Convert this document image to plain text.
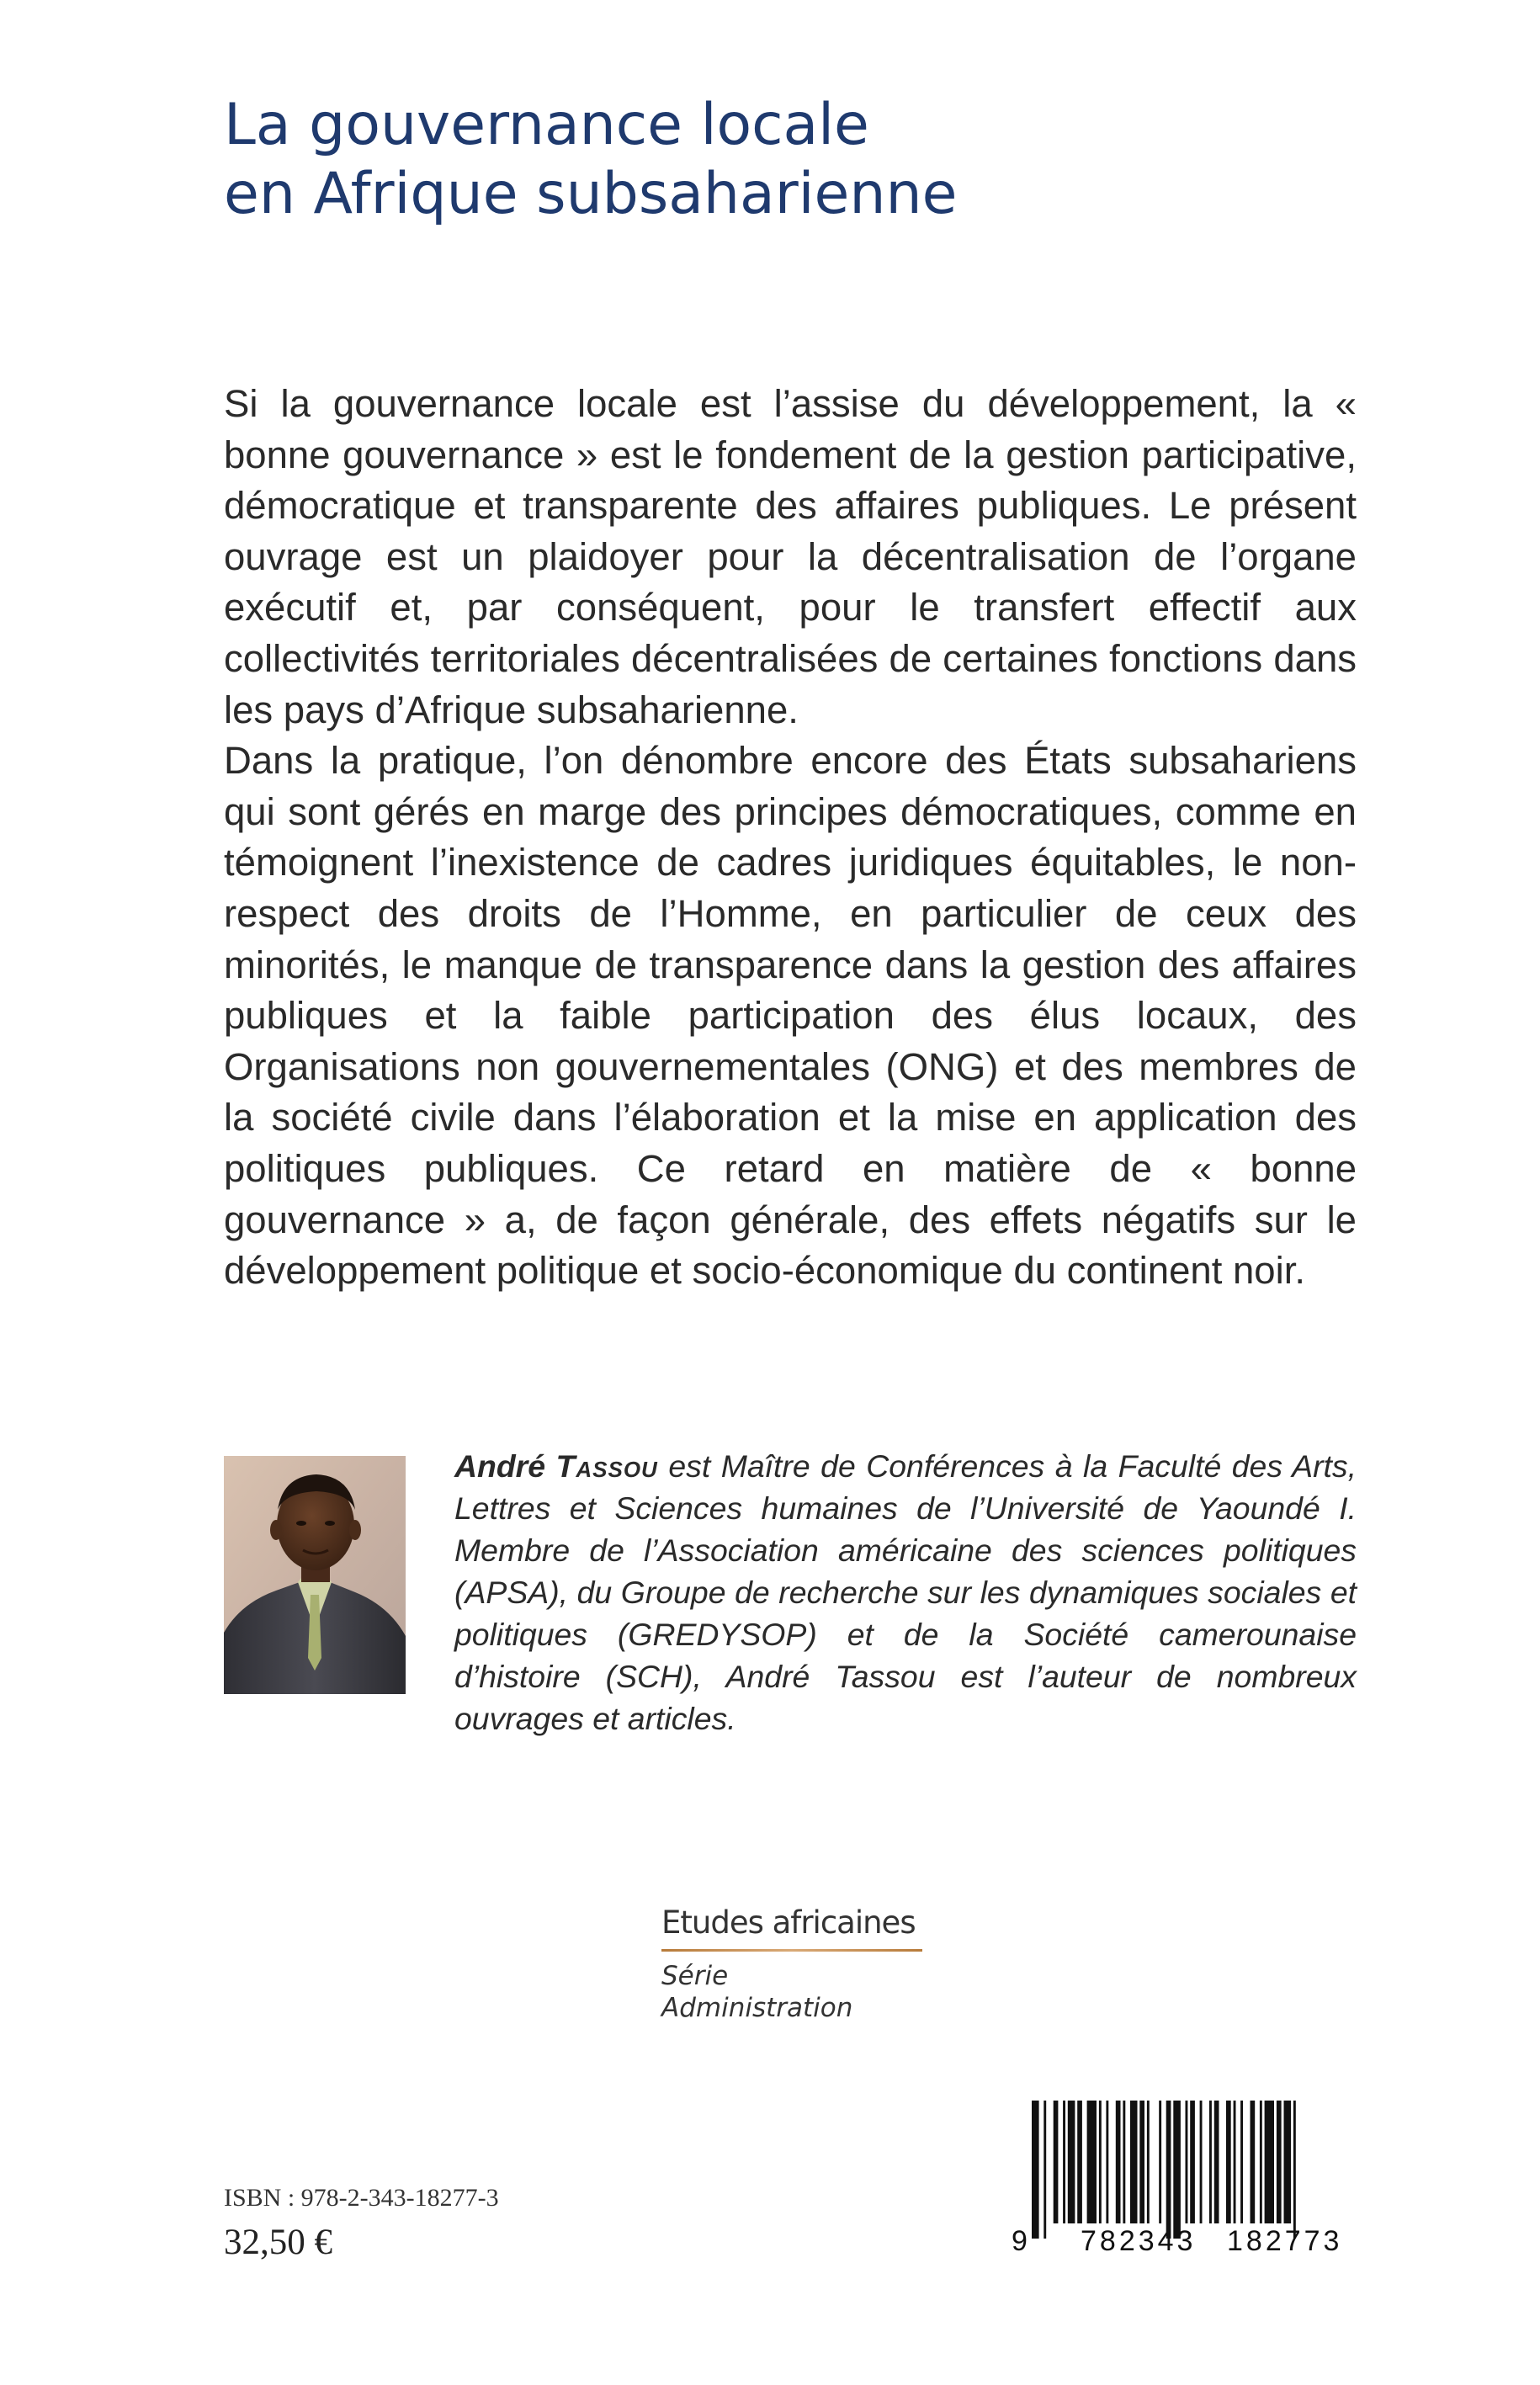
La gouvernance locale
en Afrique subsaharienne

Si la gouvernance locale est l’assise du développement, la « bonne gouvernance » est le fondement de la gestion participative, démocratique et transparente des affaires publiques. Le présent ouvrage est un plaidoyer pour la décentralisation de l’organe exécutif et, par conséquent, pour le transfert effectif aux collectivités territoriales décentralisées de certaines fonctions dans les pays d’Afrique subsaharienne.

Dans la pratique, l’on dénombre encore des États subsahariens qui sont gérés en marge des principes démocratiques, comme en témoignent l’inexistence de cadres juridiques équitables, le non-respect des droits de l’Homme, en particulier de ceux des minorités, le manque de transparence dans la gestion des affaires publiques et la faible participation des élus locaux, des Organisations non gouvernementales (ONG) et des membres de la société civile dans l’élaboration et la mise en application des politiques publiques. Ce retard en matière de « bonne gouvernance » a, de façon générale, des effets négatifs sur le développement politique et socio-économique du continent noir.

André Tassou est Maître de Conférences à la Faculté des Arts, Lettres et Sciences humaines de l’Université de Yaoundé I. Membre de l’Association américaine des sciences politiques (APSA), du Groupe de recherche sur les dynamiques sociales et politiques (GREDYSOP) et de la Société camerounaise d’histoire (SCH), André Tassou est l’auteur de nombreux ouvrages et articles.

Etudes africaines
Série Administration
ISBN : 978-2-343-18277-3
32,50 €	9 782343 182773
